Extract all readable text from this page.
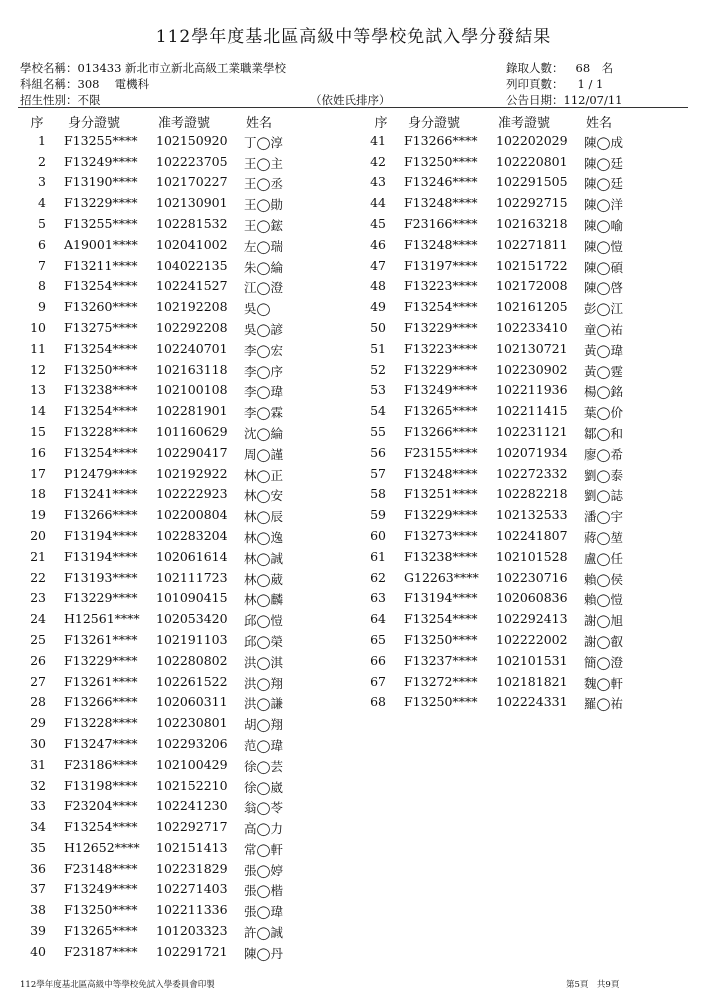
112學年度基北區高級中等學校免試入學分發結果
學校名稱：013433 新北市立新北高級工業職業學校
科組名稱：308　 電機科
招生性別：不限	（依姓氏排序）
錄取人數： 68　名
列印頁數： 1 / 1
公告日期：112/07/11
序	身分證號	准考證號	姓名
1 F13255**** 102150920 丁◯淳
2 F13249**** 102223705 王◯主
3 F13190**** 102170227 王◯丞
4 F13229**** 102130901 王◯勛
5 F13255**** 102281532 王◯鋐
6 A19001**** 102041002 左◯瑞
7 F13211**** 104022135 朱◯綸
8 F13254**** 102241527 江◯澄
9 F13260**** 102192208 吳◯
10 F13275**** 102292208 吳◯諺
11 F13254**** 102240701 李◯宏
12 F13250**** 102163118 李◯序
13 F13238**** 102100108 李◯瑋
14 F13254**** 102281901 李◯霖
15 F13228**** 101160629 沈◯綸
16 F13254**** 102290417 周◯謹
17 P12479**** 102192922 林◯正
18 F13241**** 102222923 林◯安
19 F13266**** 102200804 林◯辰
20 F13194**** 102283204 林◯逸
21 F13194**** 102061614 林◯誠
22 F13193**** 102111723 林◯葳
23 F13229**** 101090415 林◯麟
24 H12561**** 102053420 邱◯愷
25 F13261**** 102191103 邱◯榮
26 F13229**** 102280802 洪◯淇
27 F13261**** 102261522 洪◯翔
28 F13266**** 102060311 洪◯謙
29 F13228**** 102230801 胡◯翔
30 F13247**** 102293206 范◯瑋
31 F23186**** 102100429 徐◯芸
32 F13198**** 102152210 徐◯崴
33 F23204**** 102241230 翁◯苓
34 F13254**** 102292717 高◯力
35 H12652**** 102151413 常◯軒
36 F23148**** 102231829 張◯婷
37 F13249**** 102271403 張◯楷
38 F13250**** 102211336 張◯瑋
39 F13265**** 101203323 許◯誠
40 F23187**** 102291721 陳◯丹
序	身分證號	准考證號	姓名
41 F13266**** 102202029 陳◯成
42 F13250**** 102220801 陳◯廷
43 F13246**** 102291505 陳◯廷
44 F13248**** 102292715 陳◯洋
45 F23166**** 102163218 陳◯喻
46 F13248**** 102271811 陳◯愷
47 F13197**** 102151722 陳◯碩
48 F13223**** 102172008 陳◯啓
49 F13254**** 102161205 彭◯江
50 F13229**** 102233410 童◯祐
51 F13223**** 102130721 黃◯瑋
52 F13229**** 102230902 黃◯霆
53 F13249**** 102211936 楊◯銘
54 F13265**** 102211415 葉◯价
55 F13266**** 102231121 鄒◯和
56 F23155**** 102071934 廖◯希
57 F13248**** 102272332 劉◯泰
58 F13251**** 102282218 劉◯誌
59 F13229**** 102132533 潘◯宇
60 F13273**** 102241807 蔣◯堃
61 F13238**** 102101528 盧◯任
62 G12263**** 102230716 賴◯侯
63 F13194**** 102060836 賴◯愷
64 F13254**** 102292413 謝◯旭
65 F13250**** 102222002 謝◯叡
66 F13237**** 102101531 簡◯澄
67 F13272**** 102181821 魏◯軒
68 F13250**** 102224331 羅◯祐
112學年度基北區高級中等學校免試入學委員會印製	第5頁　共9頁
